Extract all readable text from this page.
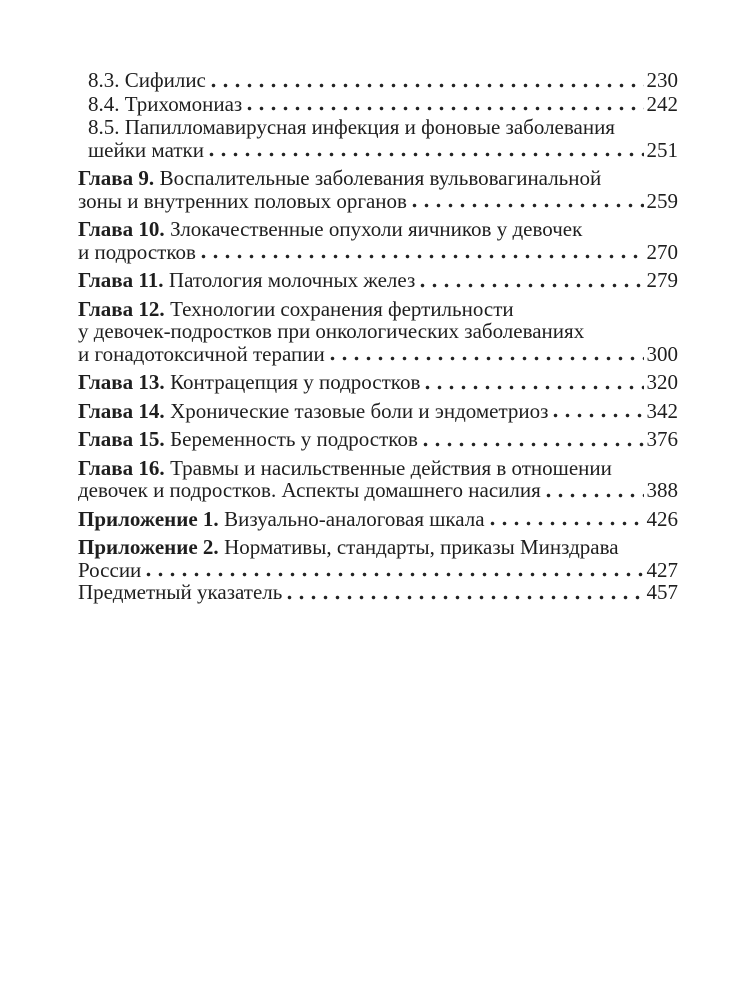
8.3. Сифилис	230
8.4. Трихомониаз	242
8.5. Папилломавирусная инфекция и фоновые заболевания
шейки матки	251
Глава 9. Воспалительные заболевания вульвовагинальной
зоны и внутренних половых органов	259
Глава 10. Злокачественные опухоли яичников у девочек
и подростков	270
Глава 11. Патология молочных желез	279
Глава 12. Технологии сохранения фертильности
у девочек-подростков при онкологических заболеваниях
и гонадотоксичной терапии	300
Глава 13. Контрацепция у подростков	320
Глава 14. Хронические тазовые боли и эндометриоз	342
Глава 15. Беременность у подростков	376
Глава 16. Травмы и насильственные действия в отношении
девочек и подростков. Аспекты домашнего насилия	388
Приложение 1. Визуально-аналоговая шкала	426
Приложение 2. Нормативы, стандарты, приказы Минздрава
России	427
Предметный указатель	457
